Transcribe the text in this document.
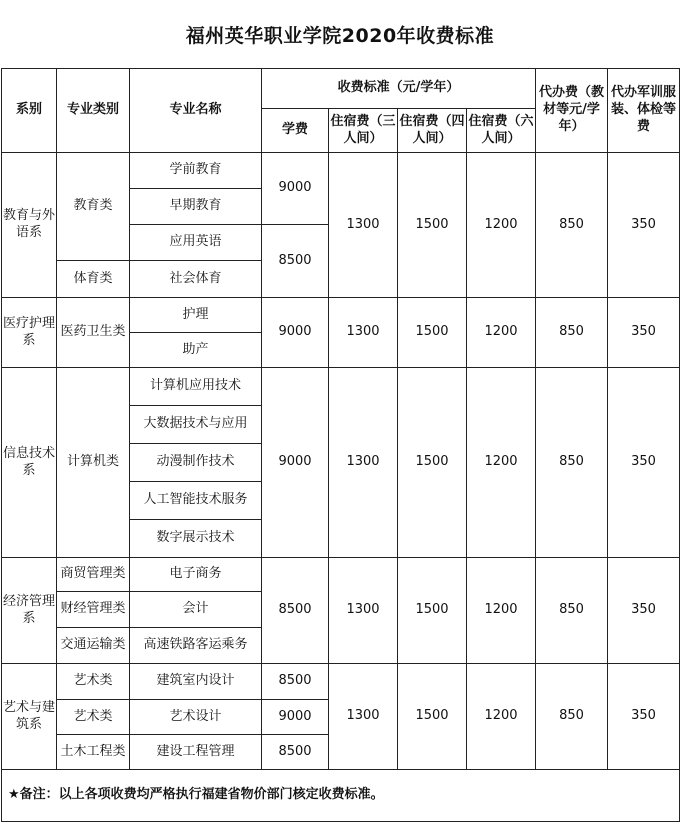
福州英华职业学院2020年收费标准
系别	专业类别	专业名称	收费标准（元/学年）				代办费（教材等元/学年）	代办军训服装、体检等费
			学费	住宿费（三人间）	住宿费（四人间）	住宿费（六人间）		
教育与外语系	教育类	学前教育	9000	1300	1500	1200	850	350
		早期教育						
		应用英语	8500					
	体育类	社会体育						
医疗护理系	医药卫生类	护理	9000	1300	1500	1200	850	350
		助产						
信息技术系	计算机类	计算机应用技术	9000	1300	1500	1200	850	350
		大数据技术与应用						
		动漫制作技术						
		人工智能技术服务						
		数字展示技术						
经济管理系	商贸管理类	电子商务	8500	1300	1500	1200	850	350
	财经管理类	会计						
	交通运输类	高速铁路客运乘务						
艺术与建筑系	艺术类	建筑室内设计	8500	1300	1500	1200	850	350
	艺术类	艺术设计	9000					
	土木工程类	建设工程管理	8500					
★备注：以上各项收费均严格执行福建省物价部门核定收费标准。								
